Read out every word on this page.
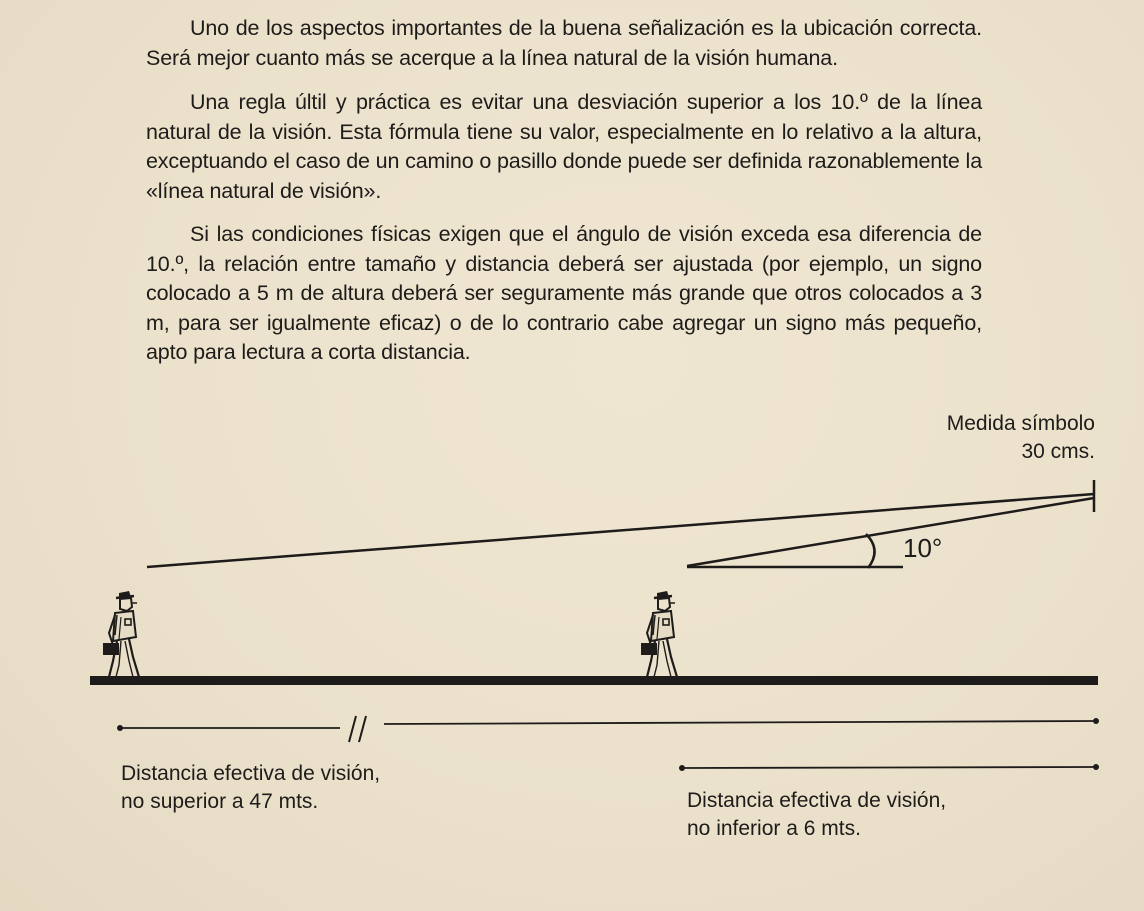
Uno de los aspectos importantes de la buena señalización es la ubicación correcta. Será mejor cuanto más se acerque a la línea natural de la visión humana.

Una regla últil y práctica es evitar una desviación superior a los 10.º de la línea natural de la visión. Esta fórmula tiene su valor, especialmente en lo relativo a la altura, exceptuando el caso de un camino o pasillo donde puede ser definida razonablemente la «línea natural de visión».

Si las condiciones físicas exigen que el ángulo de visión exceda esa diferencia de 10.º, la relación entre tamaño y distancia deberá ser ajustada (por ejemplo, un signo colocado a 5 m de altura deberá ser seguramente más grande que otros colocados a 3 m, para ser igualmente eficaz) o de lo contrario cabe agregar un signo más pequeño, apto para lectura a corta distancia.

10°
Medida símbolo
30 cms.
Distancia efectiva de visión,
no superior a 47 mts.	Distancia efectiva de visión,
no inferior a 6 mts.
